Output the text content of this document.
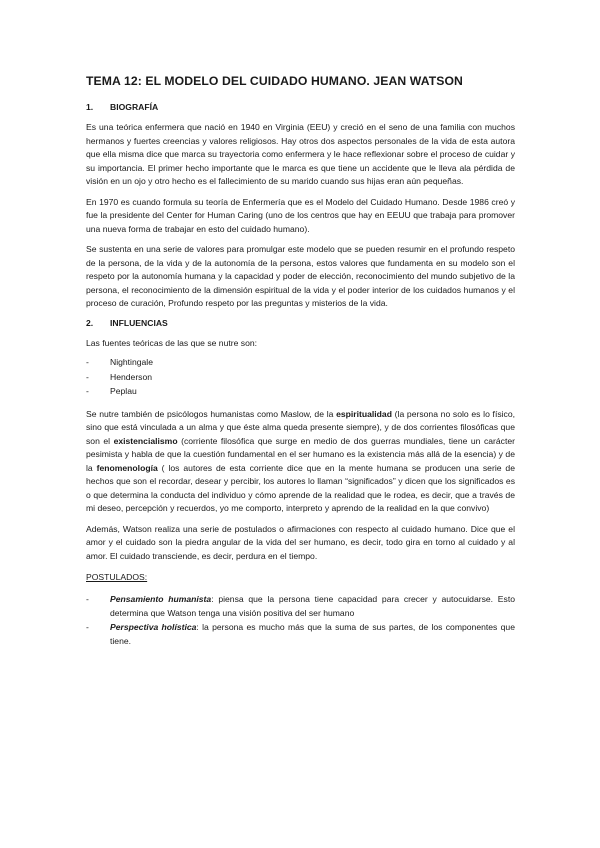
TEMA 12: EL MODELO DEL CUIDADO HUMANO. JEAN WATSON
1.	BIOGRAFÍA

Es una teórica enfermera que nació en 1940 en Virginia (EEU) y creció en el seno de una familia con muchos hermanos y fuertes creencias y valores religiosos. Hay otros dos aspectos personales de la vida de esta autora que ella misma dice que marca su trayectoria como enfermera y le hace reflexionar sobre el proceso de cuidar y su importancia. El primer hecho importante que le marca es que tiene un accidente que le lleva ala pérdida de visión en un ojo y otro hecho es el fallecimiento de su marido cuando sus hijas eran aún pequeñas.

En 1970 es cuando formula su teoría de Enfermería que es el Modelo del Cuidado Humano. Desde 1986 creó y fue la presidente del Center for Human Caring (uno de los centros que hay en EEUU que trabaja para promover una nueva forma de trabajar en esto del cuidado humano).

Se sustenta en una serie de valores para promulgar este modelo que se pueden resumir en el profundo respeto de la persona, de la vida y de la autonomía de la persona, estos valores que fundamenta en su modelo son el respeto por la autonomía humana y la capacidad y poder de elección, reconocimiento del mundo subjetivo de la persona, el reconocimiento de la dimensión espiritual de la vida y el poder interior de los cuidados humanos y el proceso de curación, Profundo respeto por las preguntas y misterios de la vida.

2.	INFLUENCIAS

Las fuentes teóricas de las que se nutre son:

-	Nightingale
-	Henderson
-	Peplau

Se nutre también de psicólogos humanistas como Maslow, de la espiritualidad (la persona no solo es lo físico, sino que está vinculada a un alma y que éste alma queda presente siempre), y de dos corrientes filosóficas que son el existencialismo (corriente filosófica que surge en medio de dos guerras mundiales, tiene un carácter pesimista y habla de que la cuestión fundamental en el ser humano es la existencia más allá de la esencia) y de la fenomenología ( los autores de esta corriente dice que en la mente humana se producen una serie de hechos que son el recordar, desear y percibir, los autores lo llaman “significados” y dicen que los significados es o que determina la conducta del individuo y cómo aprende de la realidad que le rodea, es decir, que a través de mi deseo, percepción y recuerdos, yo me comporto, interpreto y aprendo de la realidad en la que convivo)

Además, Watson realiza una serie de postulados o afirmaciones con respecto al cuidado humano. Dice que el amor y el cuidado son la piedra angular de la vida del ser humano, es decir, todo gira en torno al cuidado y al amor. El cuidado transciende, es decir, perdura en el tiempo.

POSTULADOS:
-	Pensamiento humanista: piensa que la persona tiene capacidad para crecer y autocuidarse. Esto determina que Watson tenga una visión positiva del ser humano
-	Perspectiva holística: la persona es mucho más que la suma de sus partes, de los componentes que tiene.
